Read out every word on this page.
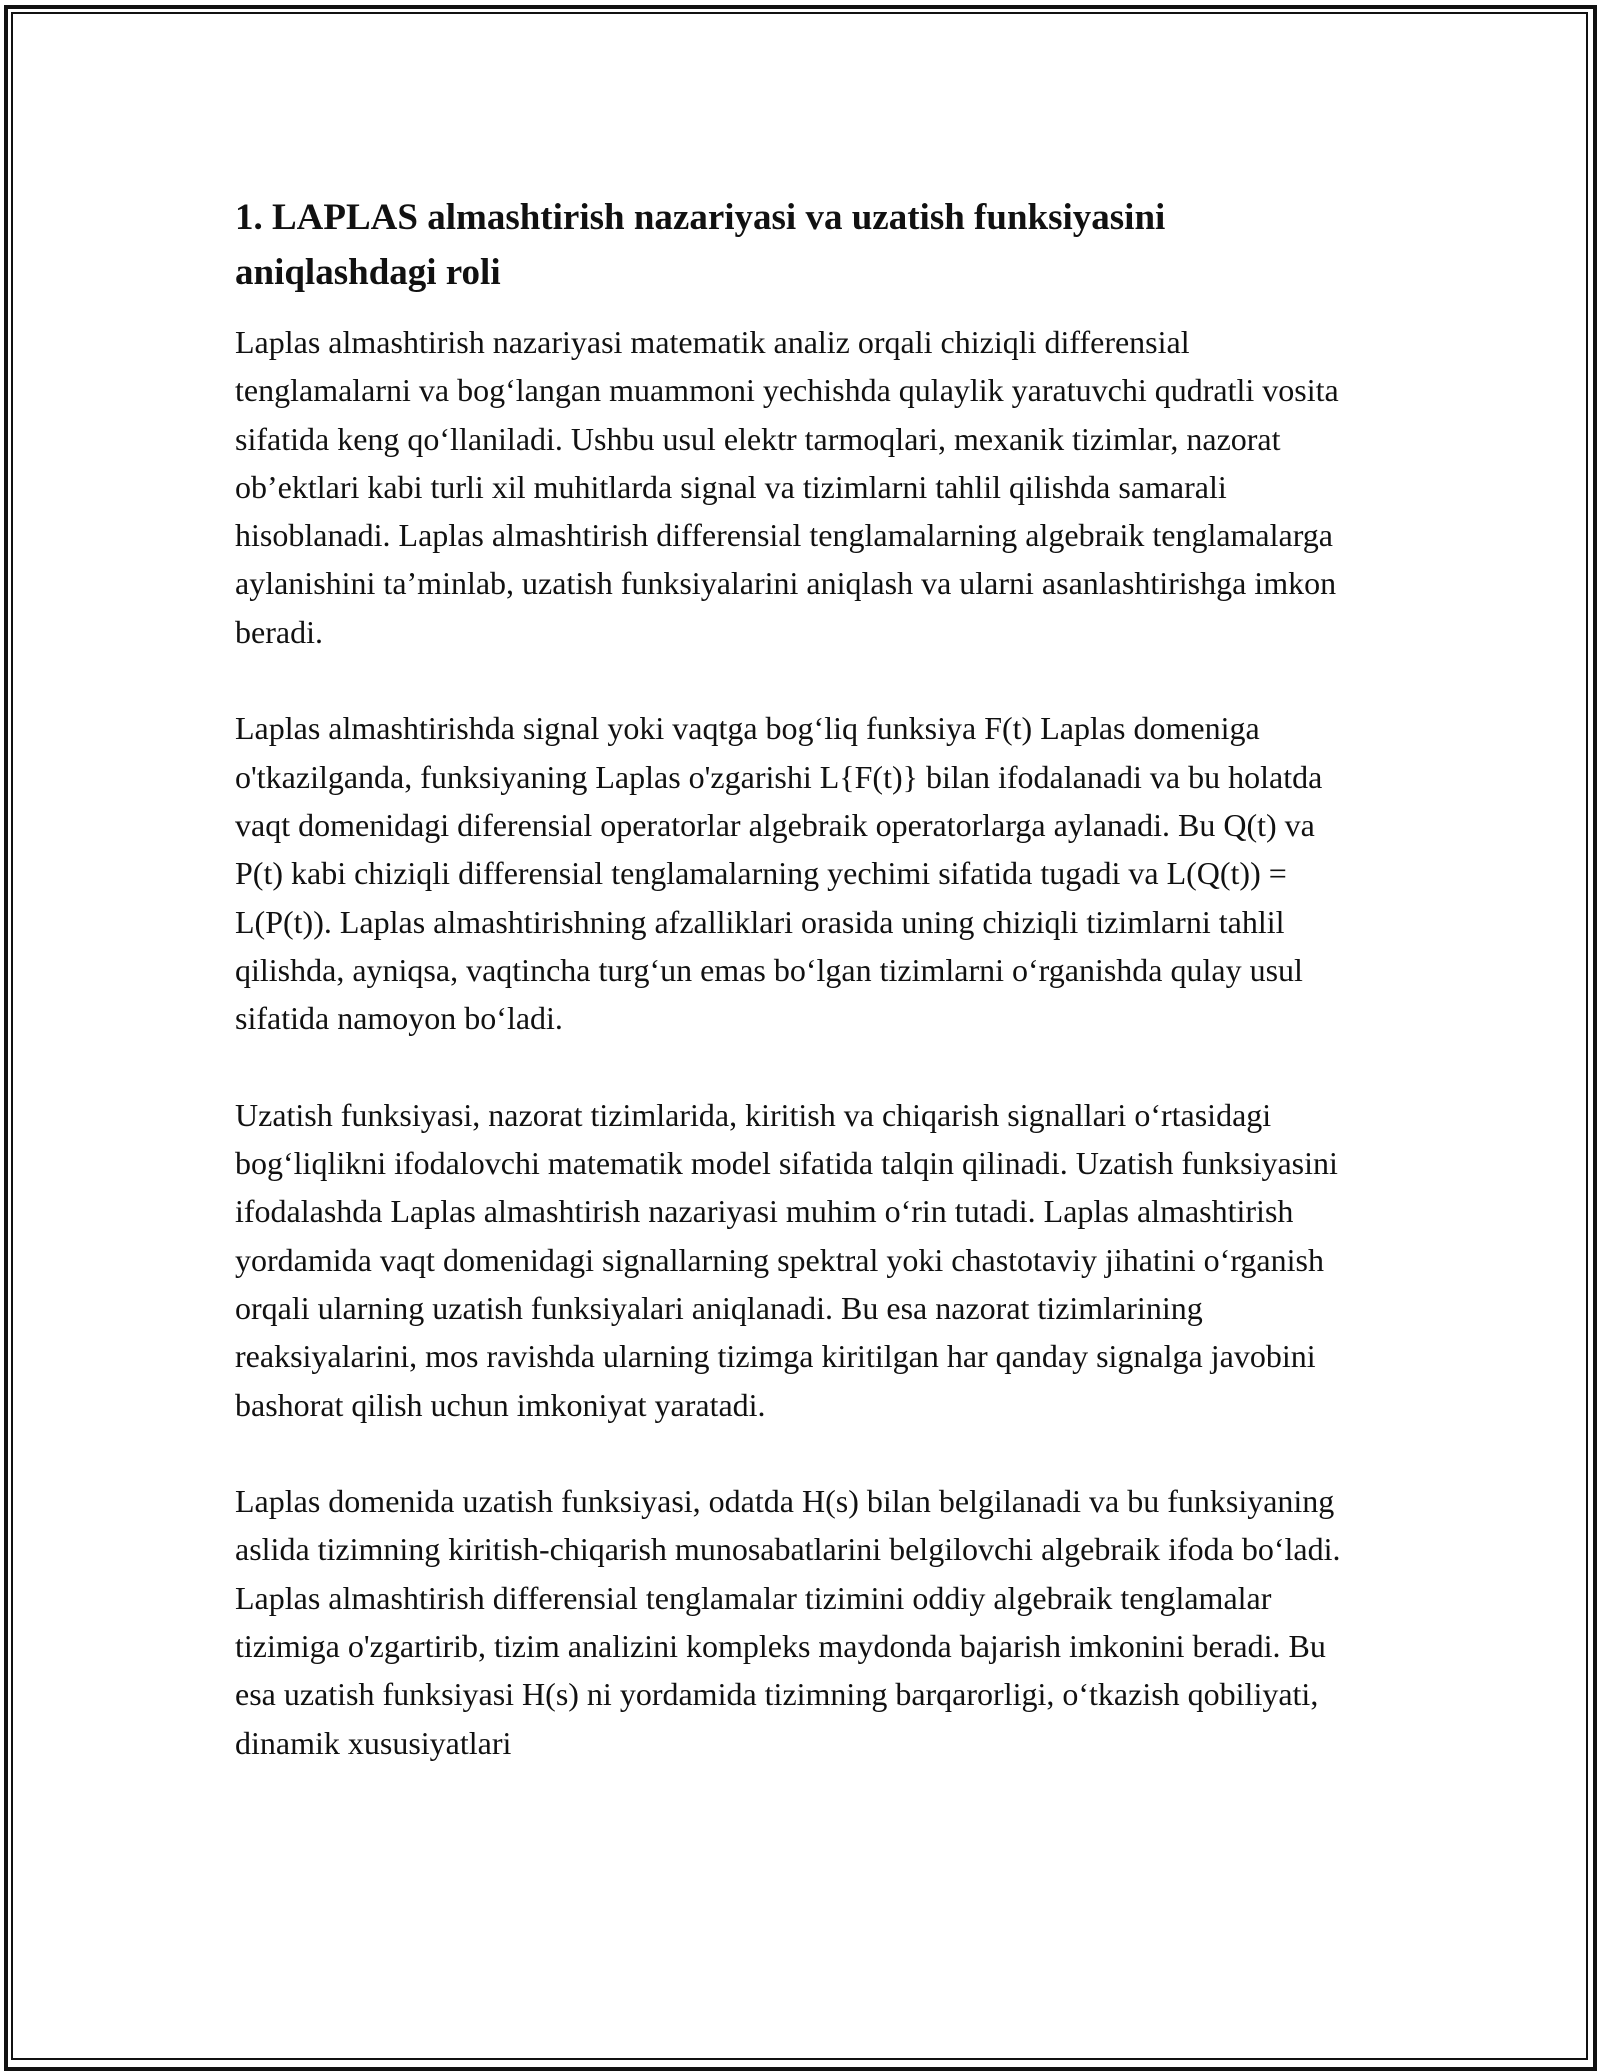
1. LAPLAS almashtirish nazariyasi va uzatish funksiyasini aniqlashdagi roli

Laplas almashtirish nazariyasi matematik analiz orqali chiziqli differensial tenglamalarni va bog‘langan muammoni yechishda qulaylik yaratuvchi qudratli vosita sifatida keng qo‘llaniladi. Ushbu usul elektr tarmoqlari, mexanik tizimlar, nazorat ob’ektlari kabi turli xil muhitlarda signal va tizimlarni tahlil qilishda samarali hisoblanadi. Laplas almashtirish differensial tenglamalarning algebraik tenglamalarga aylanishini ta’minlab, uzatish funksiyalarini aniqlash va ularni asanlashtirishga imkon beradi.

Laplas almashtirishda signal yoki vaqtga bog‘liq funksiya F(t) Laplas domeniga o'tkazilganda, funksiyaning Laplas o'zgarishi L{F(t)} bilan ifodalanadi va bu holatda vaqt domenidagi diferensial operatorlar algebraik operatorlarga aylanadi. Bu Q(t) va P(t) kabi chiziqli differensial tenglamalarning yechimi sifatida tugadi va L(Q(t)) = L(P(t)). Laplas almashtirishning afzalliklari orasida uning chiziqli tizimlarni tahlil qilishda, ayniqsa, vaqtincha turg‘un emas bo‘lgan tizimlarni o‘rganishda qulay usul sifatida namoyon bo‘ladi.

Uzatish funksiyasi, nazorat tizimlarida, kiritish va chiqarish signallari o‘rtasidagi bog‘liqlikni ifodalovchi matematik model sifatida talqin qilinadi. Uzatish funksiyasini ifodalashda Laplas almashtirish nazariyasi muhim o‘rin tutadi. Laplas almashtirish yordamida vaqt domenidagi signallarning spektral yoki chastotaviy jihatini o‘rganish orqali ularning uzatish funksiyalari aniqlanadi. Bu esa nazorat tizimlarining reaksiyalarini, mos ravishda ularning tizimga kiritilgan har qanday signalga javobini bashorat qilish uchun imkoniyat yaratadi.

Laplas domenida uzatish funksiyasi, odatda H(s) bilan belgilanadi va bu funksiyaning aslida tizimning kiritish-chiqarish munosabatlarini belgilovchi algebraik ifoda bo‘ladi. Laplas almashtirish differensial tenglamalar tizimini oddiy algebraik tenglamalar tizimiga o'zgartirib, tizim analizini kompleks maydonda bajarish imkonini beradi. Bu esa uzatish funksiyasi H(s) ni yordamida tizimning barqarorligi, o‘tkazish qobiliyati, dinamik xususiyatlari
